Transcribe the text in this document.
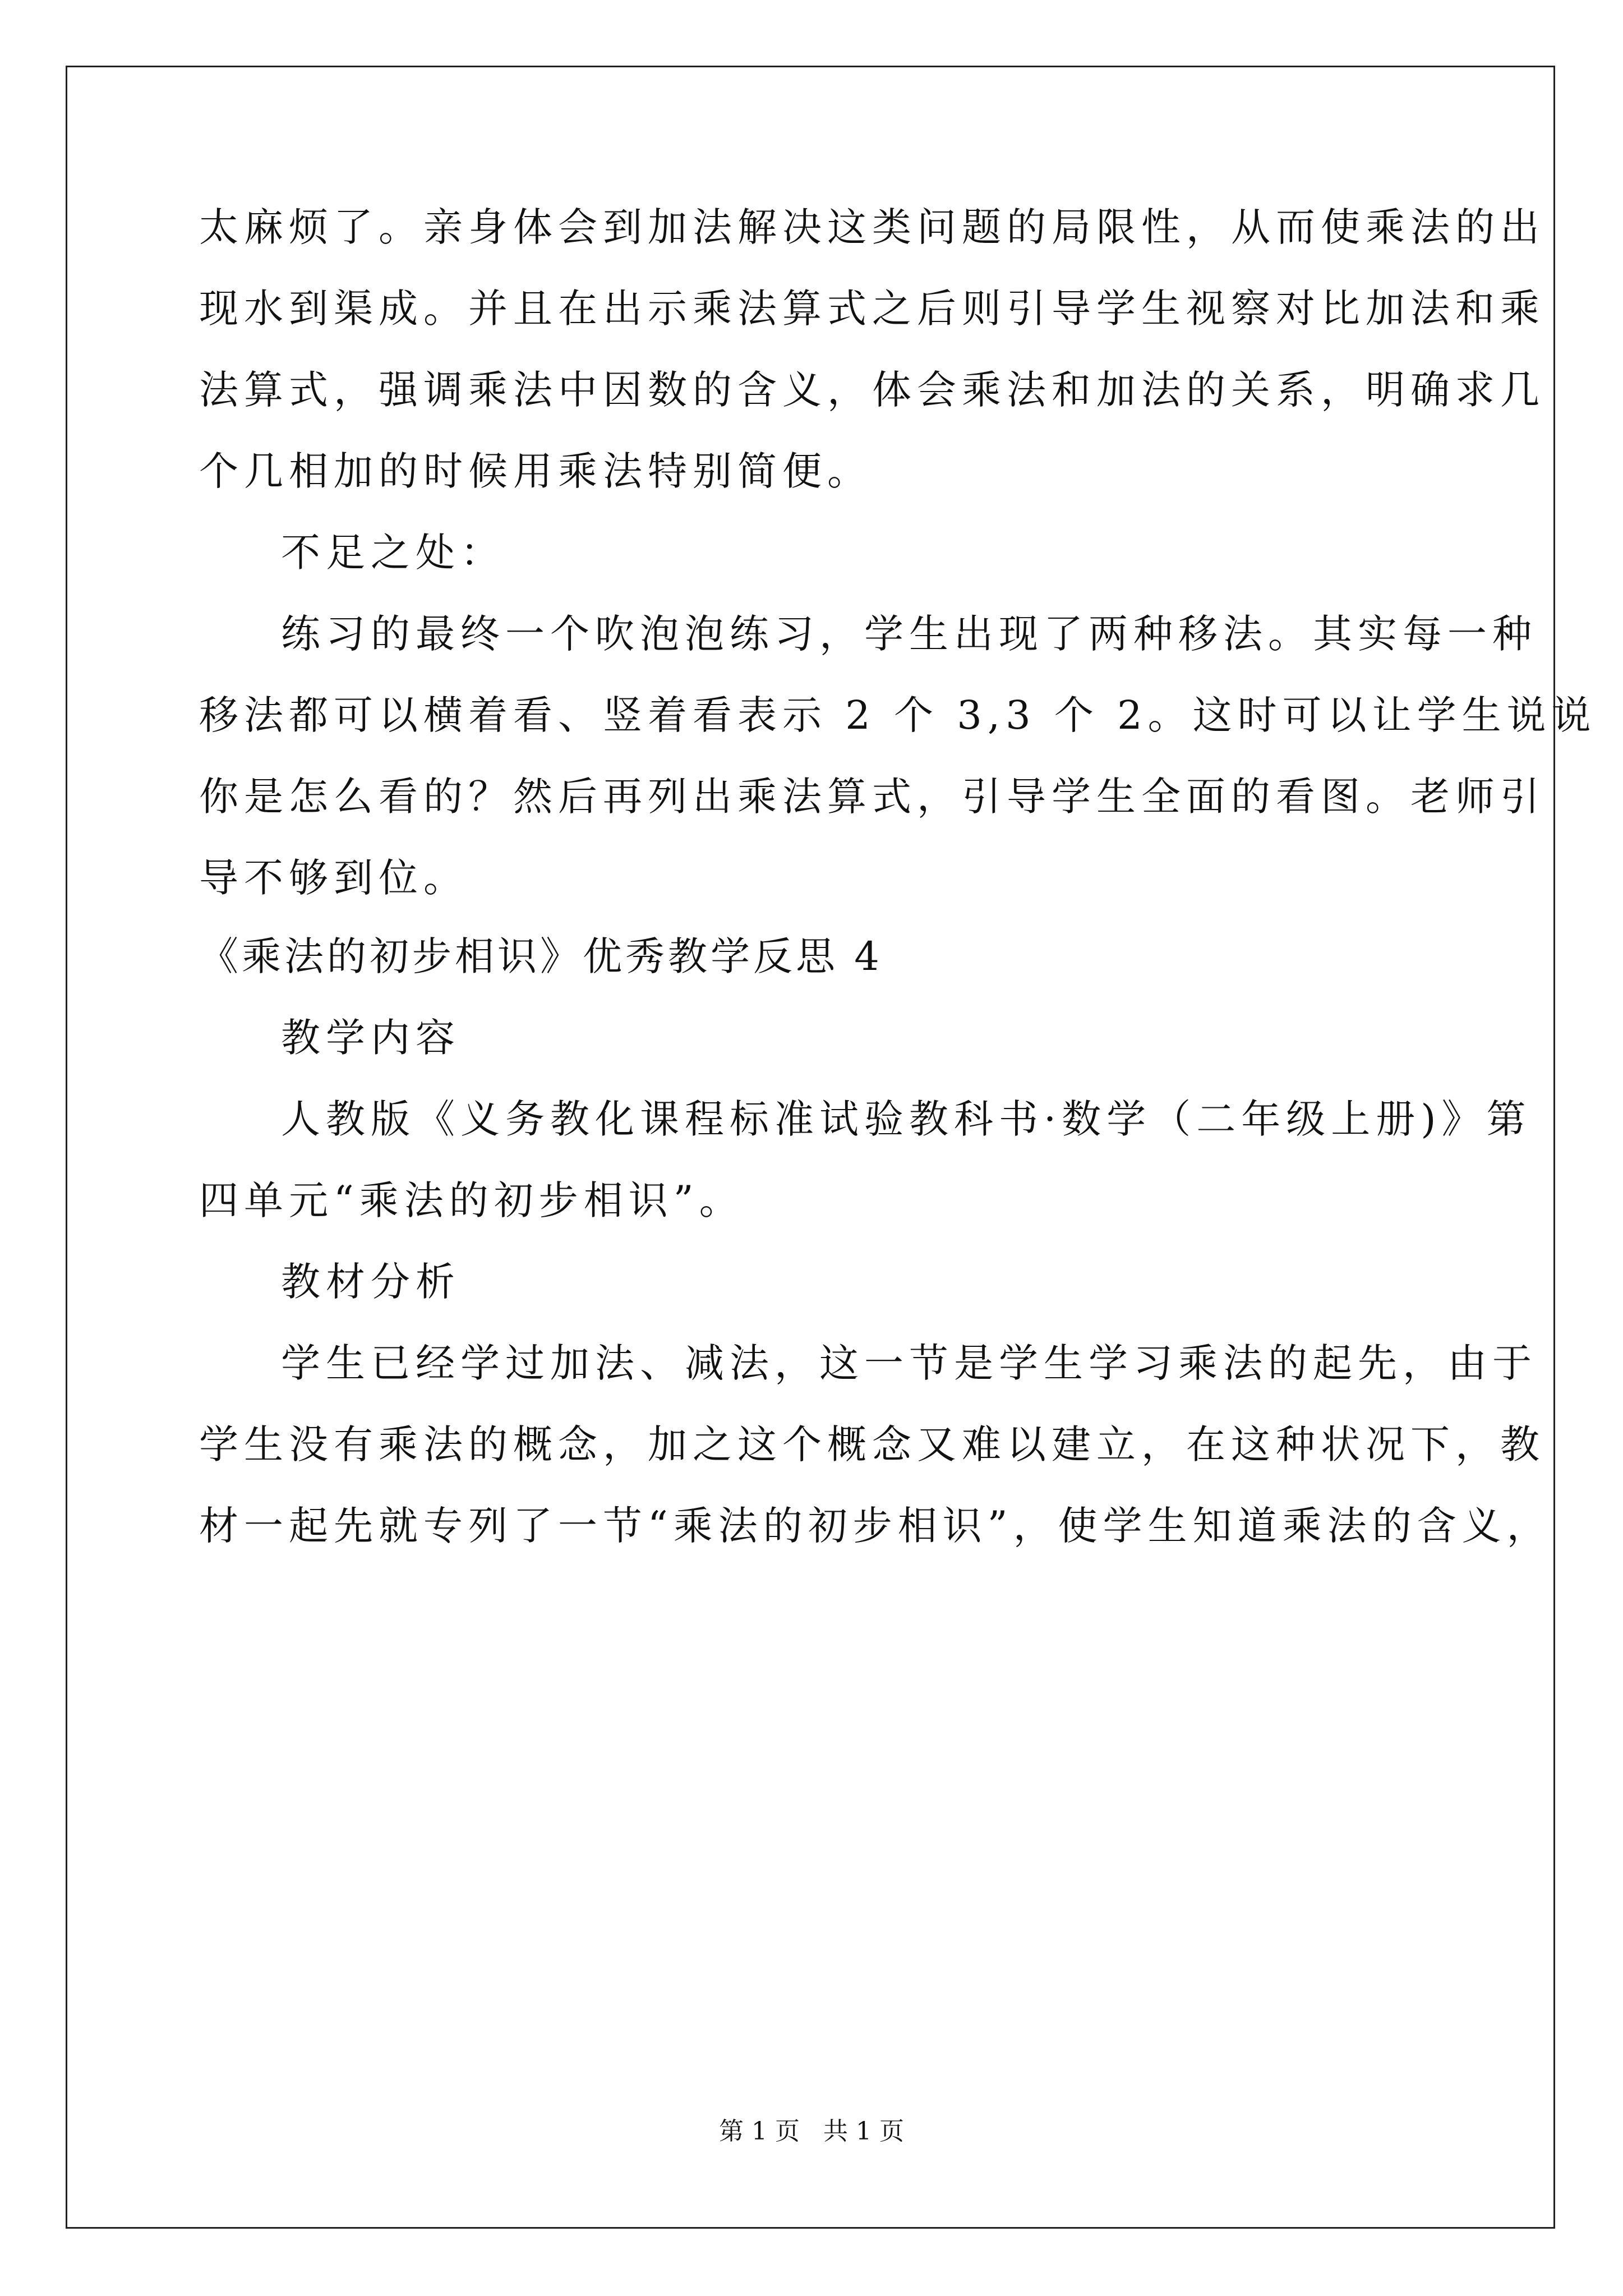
太麻烦了。亲身体会到加法解决这类问题的局限性，从而使乘法的出
现水到渠成。并且在出示乘法算式之后则引导学生视察对比加法和乘
法算式，强调乘法中因数的含义，体会乘法和加法的关系，明确求几
个几相加的时候用乘法特别简便。
不足之处：
练习的最终一个吹泡泡练习，学生出现了两种移法。其实每一种
移法都可以横着看、竖着看表示 2 个 3,3 个 2。这时可以让学生说说
你是怎么看的？然后再列出乘法算式，引导学生全面的看图。老师引
导不够到位。
《乘法的初步相识》优秀教学反思 4
教学内容
人教版《义务教化课程标准试验教科书·数学（二年级上册)》第
四单元“乘法的初步相识”。
教材分析
学生已经学过加法、减法，这一节是学生学习乘法的起先，由于
学生没有乘法的概念，加之这个概念又难以建立，在这种状况下，教
材一起先就专列了一节“乘法的初步相识”，使学生知道乘法的含义，
第 1 页   共 1 页
